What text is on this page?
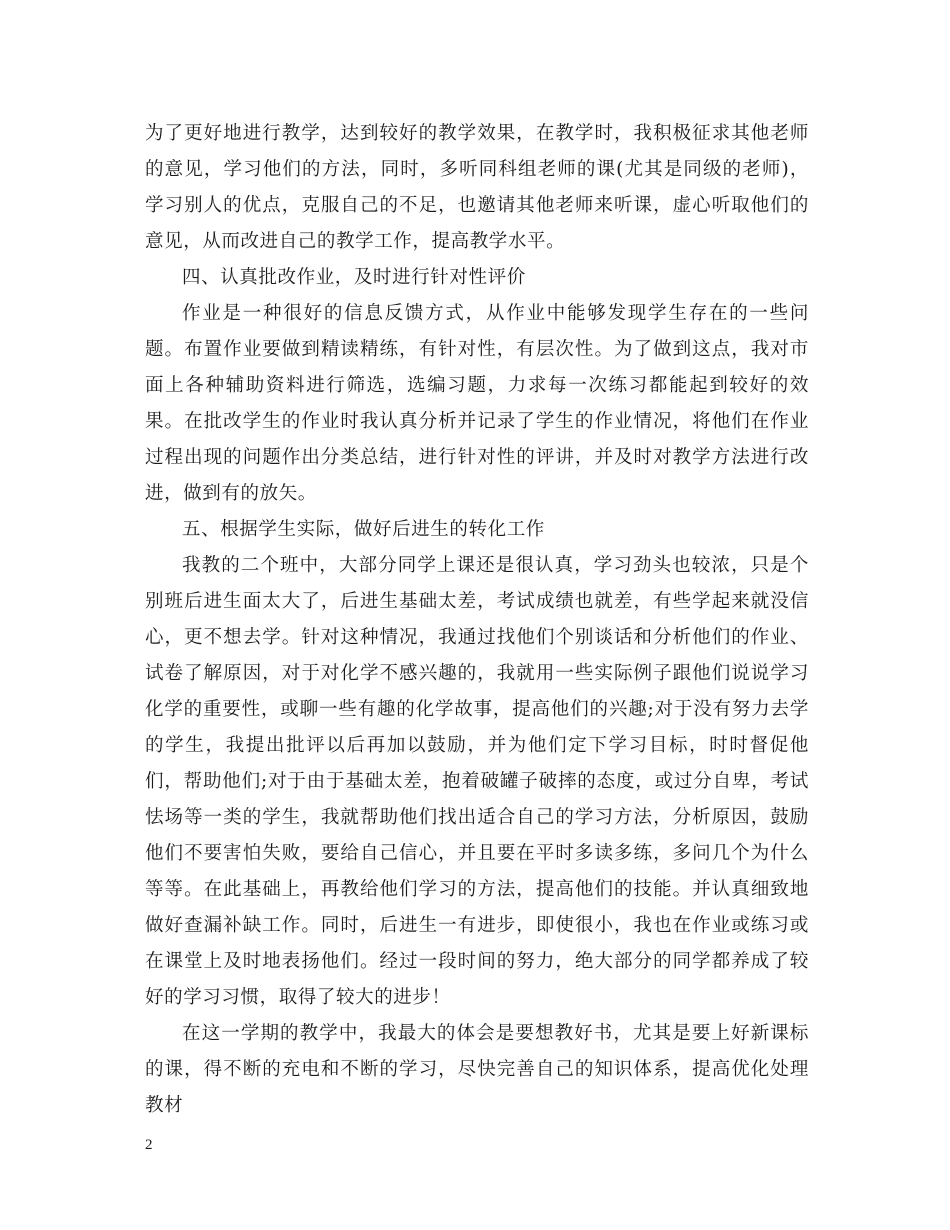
为了更好地进行教学，达到较好的教学效果，在教学时，我积极征求其他老师的意见，学习他们的方法，同时，多听同科组老师的课(尤其是同级的老师)，学习别人的优点，克服自己的不足，也邀请其他老师来听课，虚心听取他们的意见，从而改进自己的教学工作，提高教学水平。

四、认真批改作业，及时进行针对性评价

作业是一种很好的信息反馈方式，从作业中能够发现学生存在的一些问题。布置作业要做到精读精练，有针对性，有层次性。为了做到这点，我对市面上各种辅助资料进行筛选，选编习题，力求每一次练习都能起到较好的效果。在批改学生的作业时我认真分析并记录了学生的作业情况，将他们在作业过程出现的问题作出分类总结，进行针对性的评讲，并及时对教学方法进行改进，做到有的放矢。

五、根据学生实际，做好后进生的转化工作

我教的二个班中，大部分同学上课还是很认真，学习劲头也较浓，只是个别班后进生面太大了，后进生基础太差，考试成绩也就差，有些学起来就没信心，更不想去学。针对这种情况，我通过找他们个别谈话和分析他们的作业、试卷了解原因，对于对化学不感兴趣的，我就用一些实际例子跟他们说说学习化学的重要性，或聊一些有趣的化学故事，提高他们的兴趣;对于没有努力去学的学生，我提出批评以后再加以鼓励，并为他们定下学习目标，时时督促他们，帮助他们;对于由于基础太差，抱着破罐子破摔的态度，或过分自卑，考试怯场等一类的学生，我就帮助他们找出适合自己的学习方法，分析原因，鼓励他们不要害怕失败，要给自己信心，并且要在平时多读多练，多问几个为什么等等。在此基础上，再教给他们学习的方法，提高他们的技能。并认真细致地做好查漏补缺工作。同时，后进生一有进步，即使很小，我也在作业或练习或在课堂上及时地表扬他们。经过一段时间的努力，绝大部分的同学都养成了较好的学习习惯，取得了较大的进步！

在这一学期的教学中，我最大的体会是要想教好书，尤其是要上好新课标的课，得不断的充电和不断的学习，尽快完善自己的知识体系，提高优化处理教材

2
